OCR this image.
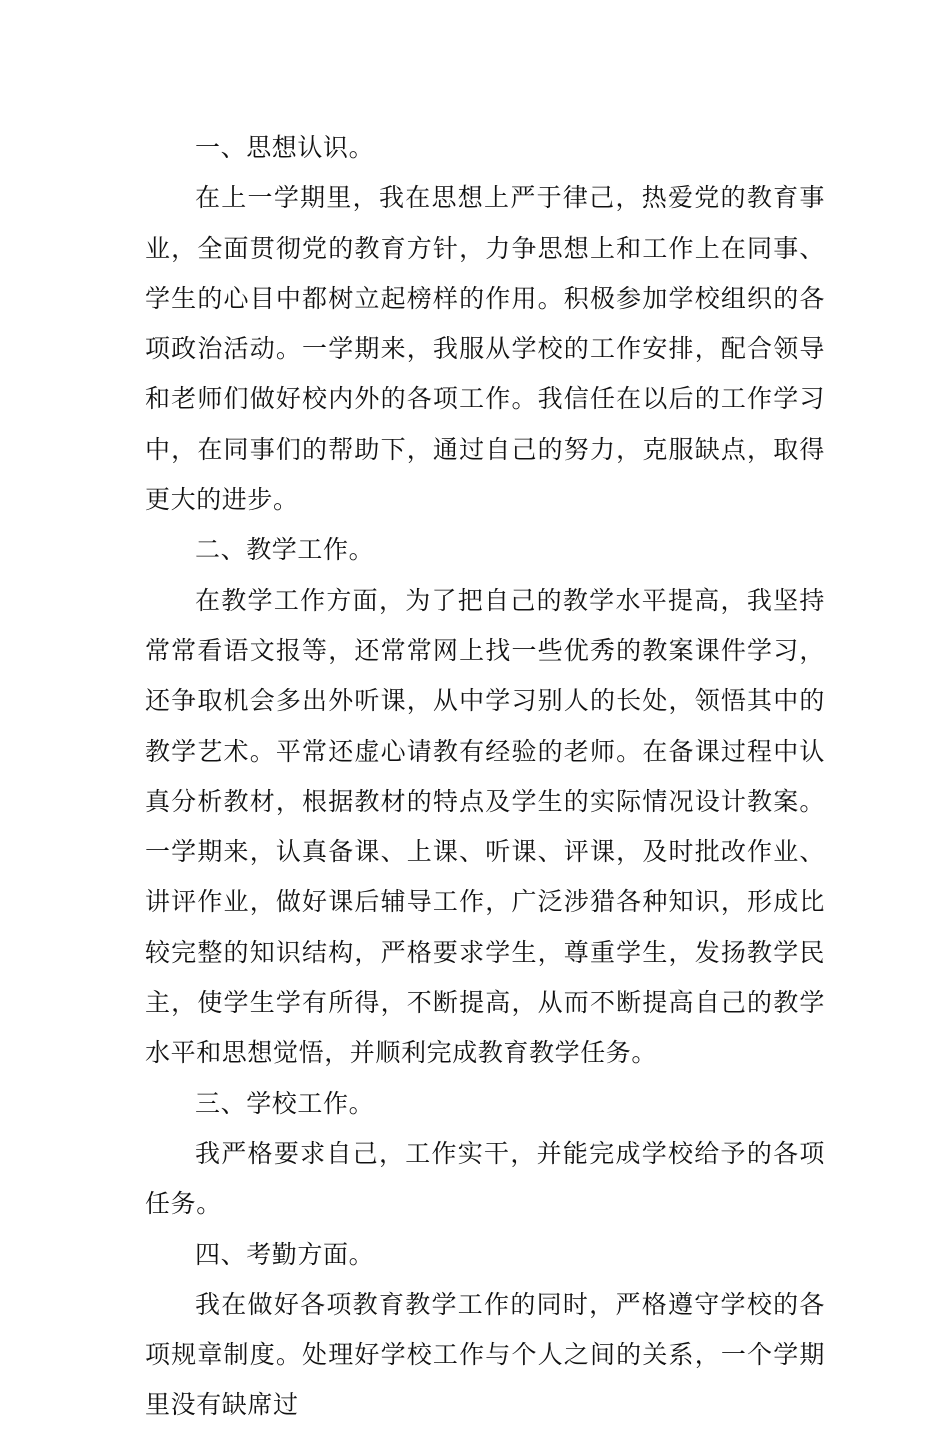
一、思想认识。

在上一学期里，我在思想上严于律己，热爱党的教育事业，全面贯彻党的教育方针，力争思想上和工作上在同事、学生的心目中都树立起榜样的作用。积极参加学校组织的各项政治活动。一学期来，我服从学校的工作安排，配合领导和老师们做好校内外的各项工作。我信任在以后的工作学习中，在同事们的帮助下，通过自己的努力，克服缺点，取得更大的进步。

二、教学工作。

在教学工作方面，为了把自己的教学水平提高，我坚持常常看语文报等，还常常网上找一些优秀的教案课件学习，还争取机会多出外听课，从中学习别人的长处，领悟其中的教学艺术。平常还虚心请教有经验的老师。在备课过程中认真分析教材，根据教材的特点及学生的实际情况设计教案。一学期来，认真备课、上课、听课、评课，及时批改作业、讲评作业，做好课后辅导工作，广泛涉猎各种知识，形成比较完整的知识结构，严格要求学生，尊重学生，发扬教学民主，使学生学有所得，不断提高，从而不断提高自己的教学水平和思想觉悟，并顺利完成教育教学任务。

三、学校工作。

我严格要求自己，工作实干，并能完成学校给予的各项任务。

四、考勤方面。

我在做好各项教育教学工作的同时，严格遵守学校的各项规章制度。处理好学校工作与个人之间的关系，一个学期里没有缺席过
